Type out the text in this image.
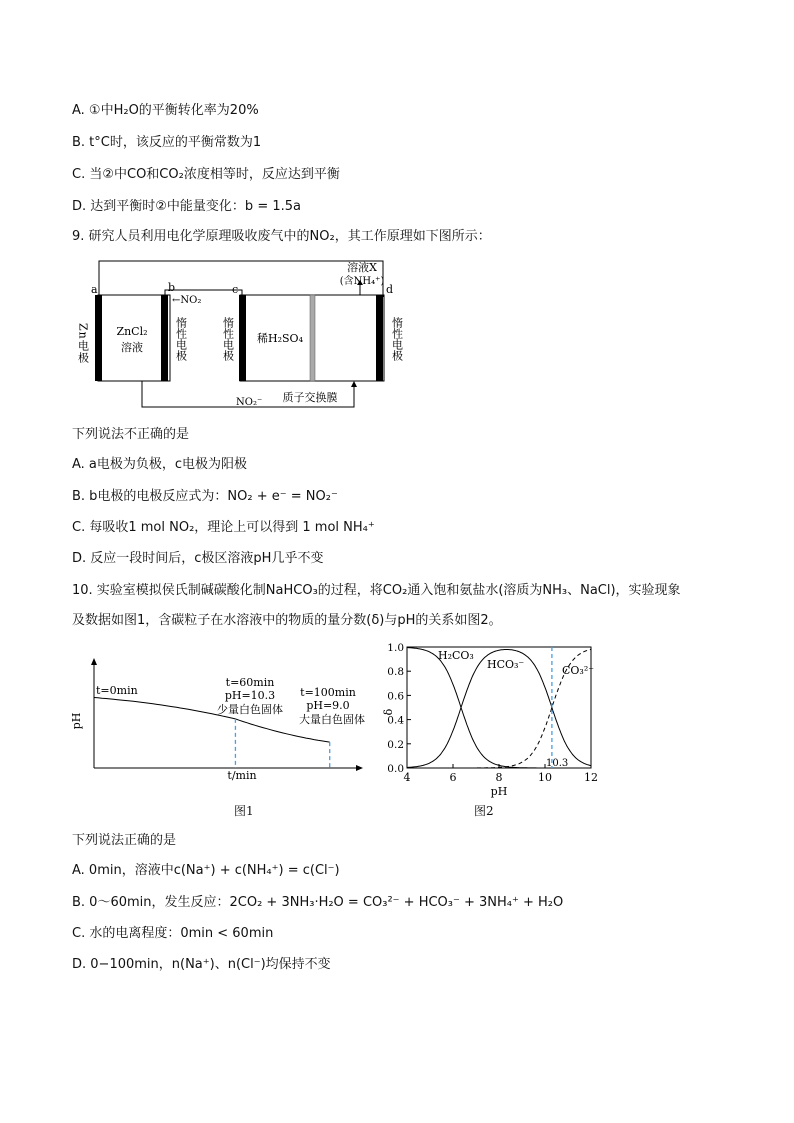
A. ①中H₂O的平衡转化率为20%
B. t°C时，该反应的平衡常数为1
C. 当②中CO和CO₂浓度相等时，反应达到平衡
D. 达到平衡时②中能量变化：b = 1.5a
9. 研究人员利用电化学原理吸收废气中的NO₂，其工作原理如下图所示：
a	b	c	d
←NO₂
Zn电极 ZnCl₂
溶液	惰性电极	惰性电极 稀H₂SO₄
溶液X
(含NH₄⁺)
惰性电极
NO₂⁻ 质子交换膜
下列说法不正确的是
A. a电极为负极，c电极为阳极
B. b电极的电极反应式为：NO₂ + e⁻ = NO₂⁻
C. 每吸收1 mol NO₂，理论上可以得到 1 mol NH₄⁺
D. 反应一段时间后，c极区溶液pH几乎不变
10. 实验室模拟侯氏制碱碳酸化制NaHCO₃的过程，将CO₂通入饱和氨盐水(溶质为NH₃、NaCl)，实验现象
及数据如图1，含碳粒子在水溶液中的物质的量分数(δ)与pH的关系如图2。
pH
t/min
t=0min
t=60min
pH=10.3
少量白色固体
t=100min
pH=9.0
大量白色固体
图1
4	6	8	10	12
0.0
0.2
0.4
0.6
0.8
1.0
H₂CO₃
HCO₃⁻	CO₃²⁻
10.3
δ
pH
图2
下列说法正确的是
A. 0min，溶液中c(Na⁺) + c(NH₄⁺) = c(Cl⁻)
B. 0～60min，发生反应：2CO₂ + 3NH₃·H₂O = CO₃²⁻ + HCO₃⁻ + 3NH₄⁺ + H₂O
C. 水的电离程度：0min < 60min
D. 0−100min，n(Na⁺)、n(Cl⁻)均保持不变
